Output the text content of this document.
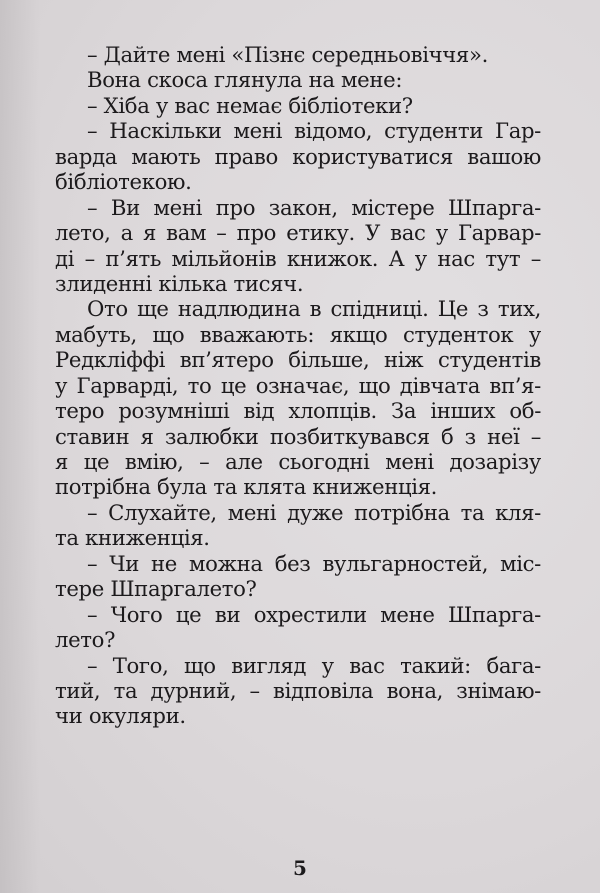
– Дайте мені «Пізнє середньовіччя».
Вона скоса глянула на мене:
– Хіба у вас немає бібліотеки?
– Наскільки мені відомо, студенти Гар-
варда мають право користуватися вашою
бібліотекою.
– Ви мені про закон, містере Шпарга-
лето, а я вам – про етику. У вас у Гарвар-
ді – п’ять мільйонів книжок. А у нас тут –
злиденні кілька тисяч.
Ото ще надлюдина в спідниці. Це з тих,
мабуть, що вважають: якщо студенток у
Редкліффі вп’ятеро більше, ніж студентів
у Гарварді, то це означає, що дівчата вп’я-
теро розумніші від хлопців. За інших об-
ставин я залюбки позбиткувався б з неї –
я це вмію, – але сьогодні мені дозарізу
потрібна була та клята книженція.
– Слухайте, мені дуже потрібна та кля-
та книженція.
– Чи не можна без вульгарностей, міс-
тере Шпаргалето?
– Чого це ви охрестили мене Шпарга-
лето?
– Того, що вигляд у вас такий: бага-
тий, та дурний, – відповіла вона, знімаю-
чи окуляри.
5
